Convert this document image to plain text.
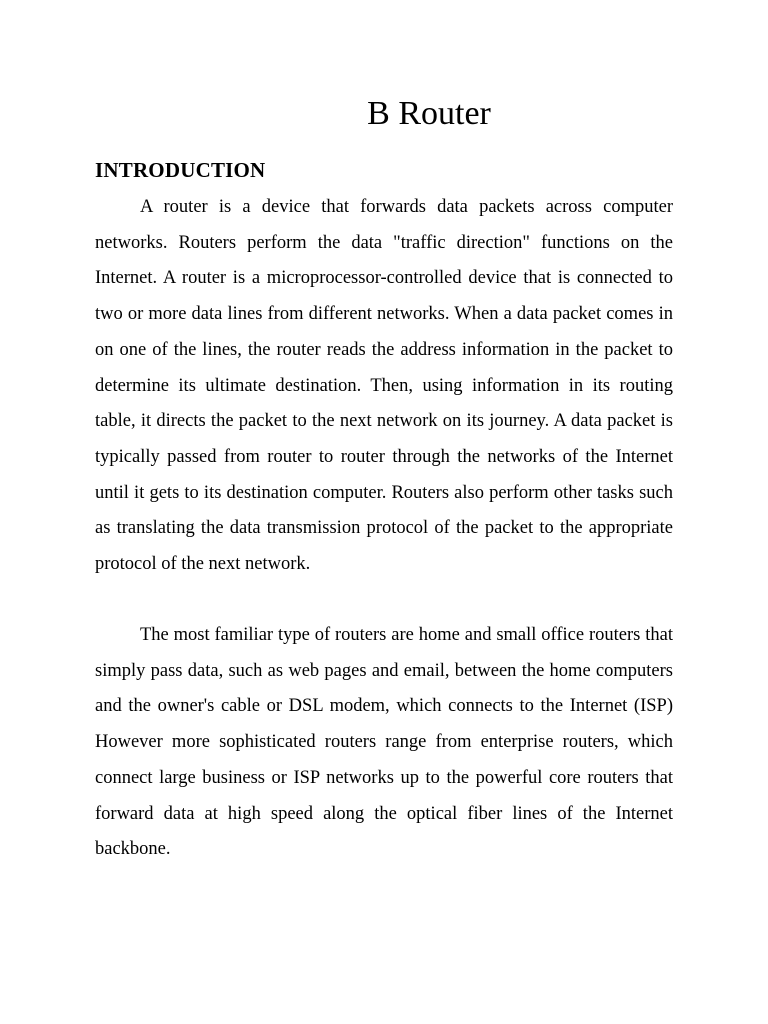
B Router
INTRODUCTION

A router is a device that forwards data packets across computer networks. Routers perform the data "traffic direction" functions on the Internet. A router is a microprocessor-controlled device that is connected to two or more data lines from different networks. When a data packet comes in on one of the lines, the router reads the address information in the packet to determine its ultimate destination. Then, using information in its routing table, it directs the packet to the next network on its journey. A data packet is typically passed from router to router through the networks of the Internet until it gets to its destination computer. Routers also perform other tasks such as translating the data transmission protocol of the packet to the appropriate protocol of the next network.

The most familiar type of routers are home and small office routers that simply pass data, such as web pages and email, between the home computers and the owner's cable or DSL modem, which connects to the Internet (ISP) However more sophisticated routers range from enterprise routers, which connect large business or ISP networks up to the powerful core routers that forward data at high speed along the optical fiber lines of the Internet backbone.
